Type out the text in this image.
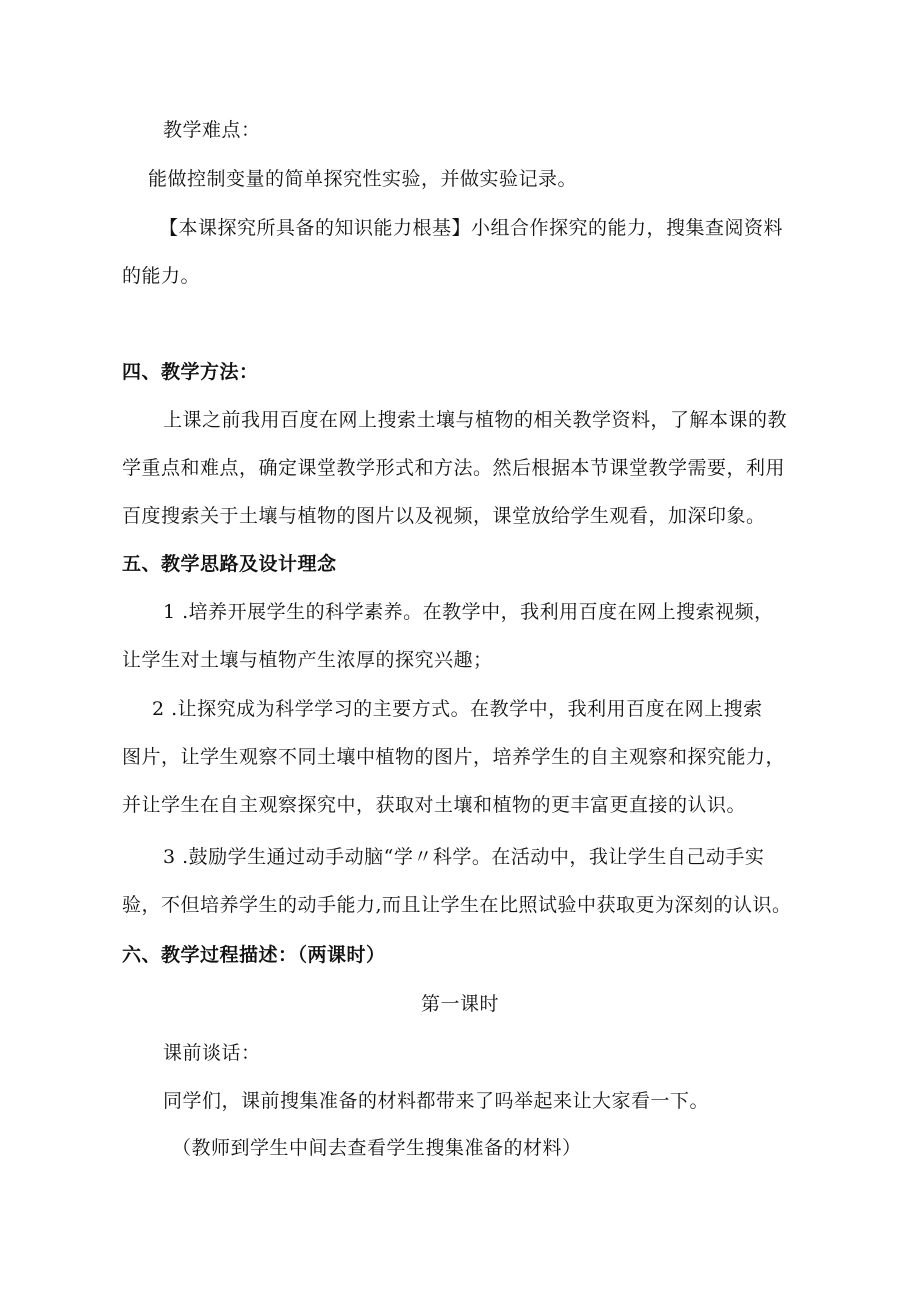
教学难点：
能做控制变量的简单探究性实验，并做实验记录。
【本课探究所具备的知识能力根基】小组合作探究的能力，搜集查阅资料
的能力。
四、教学方法：
上课之前我用百度在网上搜索土壤与植物的相关教学资料，了解本课的教
学重点和难点，确定课堂教学形式和方法。然后根据本节课堂教学需要，利用
百度搜索关于土壤与植物的图片以及视频，课堂放给学生观看，加深印象。
五、教学思路及设计理念
1 .培养开展学生的科学素养。在教学中，我利用百度在网上搜索视频，
让学生对土壤与植物产生浓厚的探究兴趣；
2 .让探究成为科学学习的主要方式。在教学中，我利用百度在网上搜索
图片，让学生观察不同土壤中植物的图片，培养学生的自主观察和探究能力，
并让学生在自主观察探究中，获取对土壤和植物的更丰富更直接的认识。
3 .鼓励学生通过动手动脑“学〃科学。在活动中，我让学生自己动手实
验，不但培养学生的动手能力,而且让学生在比照试验中获取更为深刻的认识。
六、教学过程描述：（两课时）
第一课时
课前谈话：
同学们，课前搜集准备的材料都带来了吗举起来让大家看一下。
（教师到学生中间去查看学生搜集准备的材料）
